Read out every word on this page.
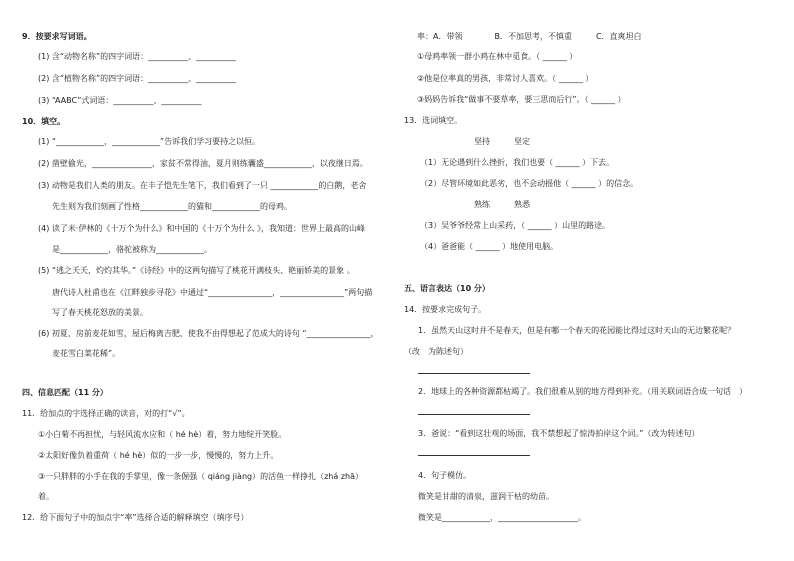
9．按要求写词语。
(1) 含“动物名称”的四字词语：__________、__________
(2) 含“植物名称”的四字词语：__________、__________
(3) “AABC”式词语：__________、__________
10．填空。
(1) “____________，____________”告诉我们学习要持之以恒。
(2) 凿壁偷光，_______________，家贫不常得油，夏月则练囊盛____________，以夜继日焉。
(3) 动物是我们人类的朋友。在丰子恺先生笔下，我们看到了一只 ____________的白鹅，老舍
先生则为我们刻画了性格____________的猫和____________的母鸡。
(4) 读了米·伊林的《十万个为什么》和中国的《十万个为什么 》，我知道：世界上最高的山峰
是____________，骆驼被称为____________。
(5) “逃之夭夭，灼灼其华。”《诗经》中的这两句描写了桃花开满枝头、艳丽娇美的景象 。
唐代诗人杜甫也在《江畔独步寻花》中通过“________________，________________”两句描
写了春天桃花怒放的美景。
(6) 初夏，房前麦花如雪，屋后梅离吉肥，使我不由得想起了范成大的诗句 “________________，
麦花雪白菜花稀”。
四、信息匹配（11 分）
11．给加点的字选择正确的读音，对的打“√”。
①小白菊不再担忧，与轻风流水应和（ hé hè）着，努力地绽开笑脸。
②太阳好像负着重荷（ hé hè）似的一步一步，慢慢的，努力上升。
③一只胖胖的小手在我的手掌里，像一条倔强（ qiáng jiàng）的活鱼一样挣扎（zhá zhā）
着。
12．给下面句子中的加点字“率”选择合适的解释填空（填序号）
率：A．带领　　　　B．不加思考，不慎重　　　C．直爽坦白
①母鸡率领一群小鸡在林中觅食。（ ______ ）
②他是位率真的男孩，非常讨人喜欢。（ ______ ）
③妈妈告诉我“做事不要草率，要三思而后行”。（ ______ ）
13．选词填空。
坚持　　　坚定
（1）无论遇到什么挫折，我们也要（ ______ ）下去。
（2）尽管环境如此恶劣，也不会动摇他（ ______ ）的信念。
熟练　　　熟悉
（3）吴爷爷经常上山采药，（ ______ ）山里的路途。
（4）爸爸能（ ______ ）地使用电脑。
五、语言表达（10 分）
14．按要求完成句子。
1．虽然天山这时并不是春天，但是有哪一个春天的花园能比得过这时天山的无边繁花呢？
（改　为陈述句）
2．地球上的各种资源都枯竭了。我们很难从别的地方得到补充。（用关联词语合成一句话　）
3．爸说：“看到这壮观的场面，我不禁想起了惊涛拍岸这个词。”（改为转述句）
4．句子模仿。
微笑是甘甜的清泉，滋润干枯的幼苗。
微笑是____________，____________________。
